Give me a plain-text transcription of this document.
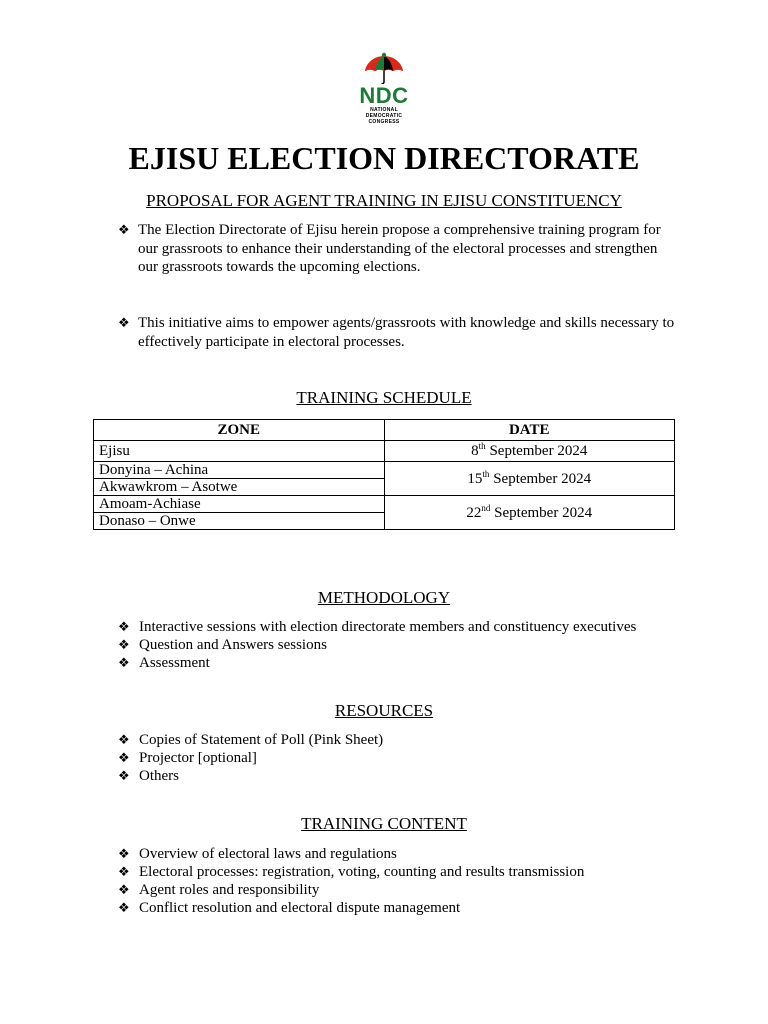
NDC
NATIONAL
DEMOCRATIC
CONGRESS
EJISU ELECTION DIRECTORATE
PROPOSAL FOR AGENT TRAINING IN EJISU CONSTITUENCY
❖ The Election Directorate of Ejisu herein propose a comprehensive training program for our grassroots to enhance their understanding of the electoral processes and strengthen our grassroots towards the upcoming elections.
❖ This initiative aims to empower agents/grassroots with knowledge and skills necessary to effectively participate in electoral processes.
TRAINING SCHEDULE
ZONE	DATE
Ejisu	8th September 2024
Donyina – Achina	15th September 2024
Akwawkrom – Asotwe	
Amoam-Achiase	22nd September 2024
Donaso – Onwe	
METHODOLOGY
❖ Interactive sessions with election directorate members and constituency executives
❖ Question and Answers sessions
❖ Assessment
RESOURCES
❖ Copies of Statement of Poll (Pink Sheet)
❖ Projector [optional]
❖ Others
TRAINING CONTENT
❖ Overview of electoral laws and regulations
❖ Electoral processes: registration, voting, counting and results transmission
❖ Agent roles and responsibility
❖ Conflict resolution and electoral dispute management
